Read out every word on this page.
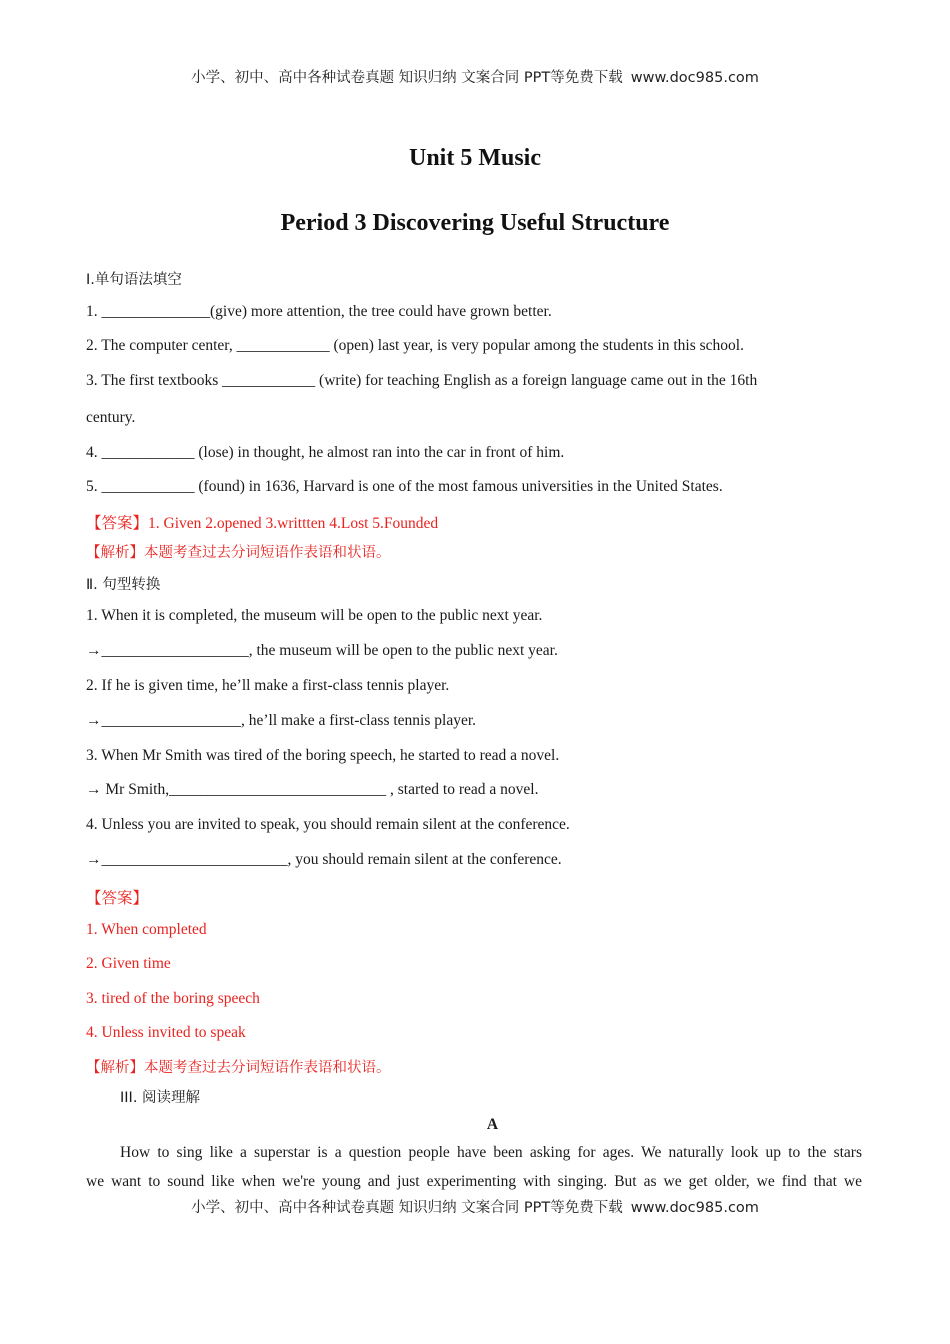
小学、初中、高中各种试卷真题 知识归纳 文案合同 PPT等免费下载 www.doc985.com
Unit 5 Music
Period 3 Discovering Useful Structure
I.单句语法填空
1. ______________(give) more attention, the tree could have grown better.
2. The computer center, ____________ (open) last year, is very popular among the students in this school.
3. The first textbooks ____________ (write) for teaching English as a foreign language came out in the 16th
century.
4. ____________ (lose) in thought, he almost ran into the car in front of him.
5. ____________ (found) in 1636, Harvard is one of the most famous universities in the United States.
【答案】1. Given 2.opened 3.writtten 4.Lost 5.Founded
【解析】本题考查过去分词短语作表语和状语。
Ⅱ. 句型转换
1. When it is completed, the museum will be open to the public next year.
→___________________, the museum will be open to the public next year.
2. If he is given time, he’ll make a first-class tennis player.
→__________________, he’ll make a first-class tennis player.
3. When Mr Smith was tired of the boring speech, he started to read a novel.
→ Mr Smith,____________________________ , started to read a novel.
4. Unless you are invited to speak, you should remain silent at the conference.
→________________________, you should remain silent at the conference.
【答案】
1. When completed
2. Given time
3. tired of the boring speech
4. Unless invited to speak
【解析】本题考查过去分词短语作表语和状语。
III. 阅读理解
A
How to sing like a superstar is a question people have been asking for ages. We naturally look up to the stars
we want to sound like when we're young and just experimenting with singing. But as we get older, we find that we
小学、初中、高中各种试卷真题 知识归纳 文案合同 PPT等免费下载 www.doc985.com
